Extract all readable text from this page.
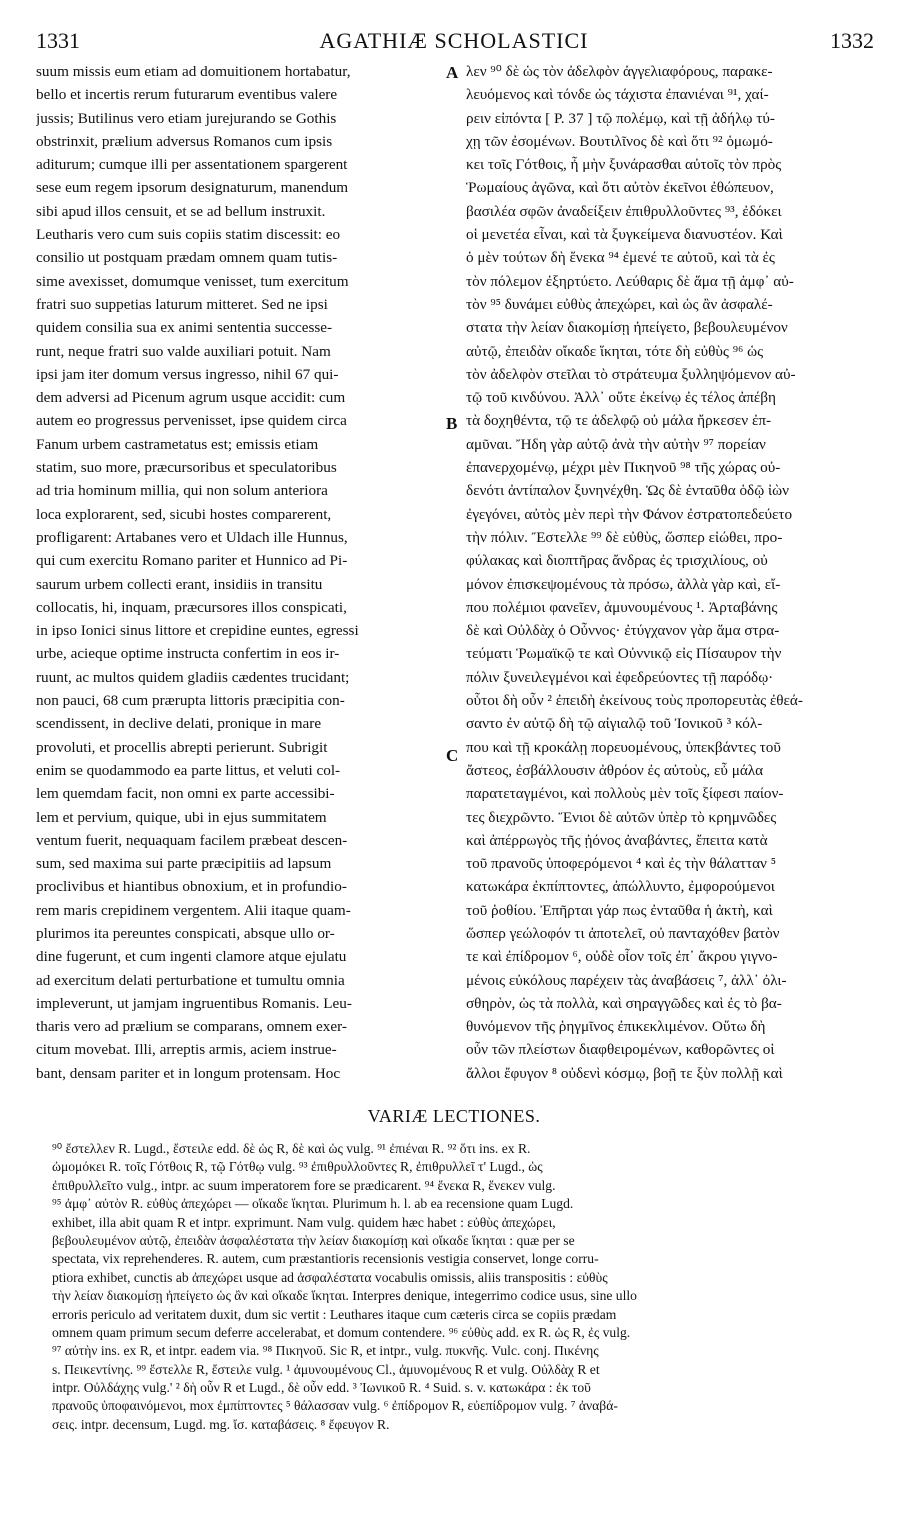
1331	AGATHIÆ SCHOLASTICI	1332
suum missis eum etiam ad domuitionem hortabatur,
bello et incertis rerum futurarum eventibus valere
jussis; Butilinus vero etiam jurejurando se Gothis
obstrinxit, prælium adversus Romanos cum ipsis
aditurum; cumque illi per assentationem spargerent
sese eum regem ipsorum designaturum, manendum
sibi apud illos censuit, et se ad bellum instruxit.
Leutharis vero cum suis copiis statim discessit: eo
consilio ut postquam prædam omnem quam tutis-
sime avexisset, domumque venisset, tum exercitum
fratri suo suppetias laturum mitteret. Sed ne ipsi
quidem consilia sua ex animi sententia successe-
runt, neque fratri suo valde auxiliari potuit. Nam
ipsi jam iter domum versus ingresso, nihil 67 qui-
dem adversi ad Picenum agrum usque accidit: cum
autem eo progressus pervenisset, ipse quidem circa
Fanum urbem castrametatus est; emissis etiam
statim, suo more, præcursoribus et speculatoribus
ad tria hominum millia, qui non solum anteriora
loca explorarent, sed, sicubi hostes comparerent,
profligarent: Artabanes vero et Uldach ille Hunnus,
qui cum exercitu Romano pariter et Hunnico ad Pi-
saurum urbem collecti erant, insidiis in transitu
collocatis, hi, inquam, præcursores illos conspicati,
in ipso Ionici sinus littore et crepidine euntes, egressi
urbe, acieque optime instructa confertim in eos ir-
ruunt, ac multos quidem gladiis cædentes trucidant;
non pauci, 68 cum prærupta littoris præcipitia con-
scendissent, in declive delati, pronique in mare
provoluti, et procellis abrepti perierunt. Subrigit
enim se quodammodo ea parte littus, et veluti col-
lem quemdam facit, non omni ex parte accessibi-
lem et pervium, quique, ubi in ejus summitatem
ventum fuerit, nequaquam facilem præbeat descen-
sum, sed maxima sui parte præcipitiis ad lapsum
proclivibus et hiantibus obnoxium, et in profundio-
rem maris crepidinem vergentem. Alii itaque quam-
plurimos ita pereuntes conspicati, absque ullo or-
dine fugerunt, et cum ingenti clamore atque ejulatu
ad exercitum delati perturbatione et tumultu omnia
impleverunt, ut jamjam ingruentibus Romanis. Leu-
tharis vero ad prælium se comparans, omnem exer-
citum movebat. Illi, arreptis armis, aciem instrue-
bant, densam pariter et in longum protensam. Hoc
A
B
C
λεν ⁹⁰ δὲ ὡς τὸν ἀδελφὸν ἀγγελιαφόρους, παρακε-
λευόμενος καὶ τόνδε ὡς τάχιστα ἐπανιέναι ⁹¹, χαί-
ρειν εἰπόντα [ P. 37 ] τῷ πολέμῳ, καὶ τῇ ἀδήλῳ τύ-
χῃ τῶν ἐσομένων. Βουτιλῖνος δὲ καὶ ὅτι ⁹² ὁμωμό-
κει τοῖς Γότθοις, ἦ μὴν ξυνάρασθαι αὐτοῖς τὸν πρὸς
Ῥωμαίους ἀγῶνα, καὶ ὅτι αὐτὸν ἐκεῖνοι ἐθώπευον,
βασιλέα σφῶν ἀναδείξειν ἐπιθρυλλοῦντες ⁹³, ἐδόκει
οἱ μενετέα εἶναι, καὶ τὰ ξυγκείμενα διανυστέον. Καὶ
ὁ μὲν τούτων δὴ ἕνεκα ⁹⁴ ἐμενέ τε αὐτοῦ, καὶ τὰ ἐς
τὸν πόλεμον ἐξηρτύετο. Λεύθαρις δὲ ἅμα τῇ ἀμφ᾽ αὐ-
τὸν ⁹⁵ δυνάμει εὐθὺς ἀπεχώρει, καὶ ὡς ἂν ἀσφαλέ-
στατα τὴν λείαν διακομίσῃ ἠπείγετο, βεβουλευμένον
αὐτῷ, ἐπειδὰν οἴκαδε ἵκηται, τότε δὴ εὐθὺς ⁹⁶ ὡς
τὸν ἀδελφὸν στεῖλαι τὸ στράτευμα ξυλληψόμενον αὐ-
τῷ τοῦ κινδύνου. Ἀλλ᾽ οὔτε ἐκείνῳ ἐς τέλος ἀπέβη
τὰ δοχηθέντα, τῷ τε ἀδελφῷ οὐ μάλα ἤρκεσεν ἐπ-
αμῦναι. Ἤδη γὰρ αὐτῷ ἀνὰ τὴν αὐτὴν ⁹⁷ πορείαν
ἐπανερχομένῳ, μέχρι μὲν Πικηνοῦ ⁹⁸ τῆς χώρας οὐ-
δενότι ἀντίπαλον ξυνηνέχθη. Ὡς δὲ ἐνταῦθα ὁδῷ ἰὼν
ἐγεγόνει, αὐτὸς μὲν περὶ τὴν Φάνον ἐστρατοπεδεύετο
τὴν πόλιν. Ἔστελλε ⁹⁹ δὲ εὐθὺς, ὥσπερ εἰώθει, προ-
φύλακας καὶ διοπτῆρας ἄνδρας ἐς τρισχιλίους, οὐ
μόνον ἐπισκεψομένους τὰ πρόσω, ἀλλὰ γὰρ καὶ, εἴ-
που πολέμιοι φανεῖεν, ἀμυνουμένους ¹. Ἀρταβάνης
δὲ καὶ Οὐλδὰχ ὁ Οὖννος· ἐτύγχανον γὰρ ἅμα στρα-
τεύματι Ῥωμαϊκῷ τε καὶ Οὐννικῷ εἰς Πίσαυρον τὴν
πόλιν ξυνειλεγμένοι καὶ ἐφεδρεύοντες τῇ παρόδῳ·
οὗτοι δὴ οὖν ² ἐπειδὴ ἐκείνους τοὺς προπορευτὰς ἐθεά-
σαντο ἐν αὐτῷ δὴ τῷ αἰγιαλῷ τοῦ Ἰονικοῦ ³ κόλ-
που καὶ τῇ κροκάλῃ πορευομένους, ὑπεκβάντες τοῦ
ἄστεος, ἐσβάλλουσιν ἀθρόον ἐς αὐτοὺς, εὖ μάλα
παρατεταγμένοι, καὶ πολλοὺς μὲν τοῖς ξίφεσι παίον-
τες διεχρῶντο. Ἔνιοι δὲ αὐτῶν ὑπὲρ τὸ κρημνῶδες
καὶ ἀπέρρωγὸς τῆς ᾐόνος ἀναβάντες, ἔπειτα κατὰ
τοῦ πρανοῦς ὑποφερόμενοι ⁴ καὶ ἐς τὴν θάλατταν ⁵
κατωκάρα ἐκπίπτοντες, ἀπώλλυντο, ἐμφορούμενοι
τοῦ ῥοθίου. Ἐπῆρται γάρ πως ἐνταῦθα ἡ ἀκτὴ, καὶ
ὥσπερ γεώλοφόν τι ἀποτελεῖ, οὐ πανταχόθεν βατὸν
τε καὶ ἐπίδρομον ⁶, οὐδὲ οἷον τοῖς ἐπ᾽ ἄκρου γιγνο-
μένοις εὐκόλους παρέχειν τὰς ἀναβάσεις ⁷, ἀλλ᾽ ὀλι-
σθηρὸν, ὡς τὰ πολλὰ, καὶ σηραγγῶδες καὶ ἐς τὸ βα-
θυνόμενον τῆς ῥηγμῖνος ἐπικεκλιμένον. Οὕτω δὴ
οὖν τῶν πλείστων διαφθειρομένων, καθορῶντες οἱ
ἄλλοι ἔφυγον ⁸ οὐδενὶ κόσμῳ, βοῇ τε ξὺν πολλῇ καὶ
VARIÆ LECTIONES.
⁹⁰ ἔστελλεν R. Lugd., ἔστειλε edd. δὲ ὡς R, δὲ καὶ ὡς vulg. ⁹¹ ἐπιέναι R. ⁹² ὅτι ins. ex R.
ὠμομόκει R. τοῖς Γότθοις R, τῷ Γότθῳ vulg. ⁹³ ἐπιθρυλλοῦντες R, ἐπιθρυλλεῖ τ' Lugd., ὡς
ἐπιθρυλλεῖτο vulg., intpr. ac suum imperatorem fore se prædicarent. ⁹⁴ ἕνεκα R, ἕνεκεν vulg.
⁹⁵ ἀμφ᾽ αὐτὸν R. εὐθὺς ἀπεχώρει — οἴκαδε ἵκηται. Plurimum h. l. ab ea recensione quam Lugd.
exhibet, illa abit quam R et intpr. exprimunt. Nam vulg. quidem hæc habet : εὐθὺς ἀπεχώρει,
βεβουλευμένον αὐτῷ, ἐπειδὰν ἀσφαλέστατα τὴν λείαν διακομίσῃ καὶ οἴκαδε ἵκηται : quæ per se
spectata, vix reprehenderes. R. autem, cum præstantioris recensionis vestigia conservet, longe corru-
ptiora exhibet, cunctis ab ἀπεχώρει usque ad ἀσφαλέστατα vocabulis omissis, aliis transpositis : εὐθὺς
τὴν λείαν διακομίσῃ ἠπείγετο ὡς ἂν καὶ οἴκαδε ἵκηται. Interpres denique, integerrimo codice usus, sine ullo
erroris periculo ad veritatem duxit, dum sic vertit : Leuthares itaque cum cæteris circa se copiis prædam
omnem quam primum secum deferre accelerabat, et domum contendere. ⁹⁶ εὐθὺς add. ex R. ὡς R, ἐς vulg.
⁹⁷ αὐτὴν ins. ex R, et intpr. eadem via. ⁹⁸ Πικηνοῦ. Sic R, et intpr., vulg. πυκνῆς. Vulc. conj. Πικένης
s. Πεικεντίνης. ⁹⁹ ἔστελλε R, ἔστειλε vulg. ¹ ἀμυνουμένους Cl., ἀμυνομένους R et vulg. Οὐλδὰχ R et
intpr. Οὐλδάχης vulg.' ² δὴ οὖν R et Lugd., δὲ οὖν edd. ³ Ἰωνικοῦ R. ⁴ Suid. s. v. κατωκάρα : ἐκ τοῦ
πρανοῦς ὑποφαινόμενοι, mox ἐμπίπτοντες ⁵ θάλασσαν vulg. ⁶ ἐπίδρομον R, εὐεπίδρομον vulg. ⁷ ἀναβά-
σεις. intpr. decensum, Lugd. mg. ἴσ. καταβάσεις. ⁸ ἔφευγον R.
